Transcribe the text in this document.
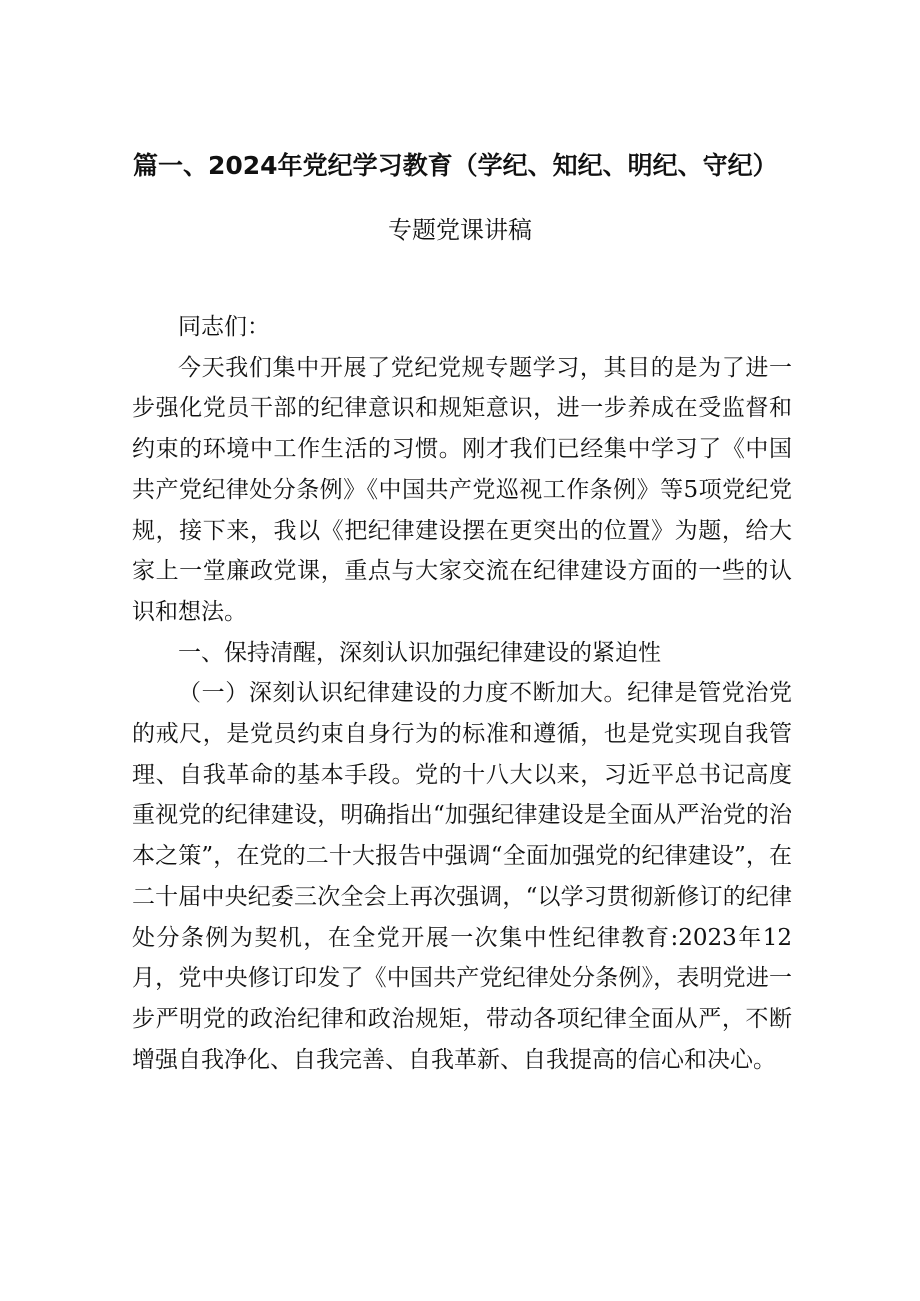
篇一、2024年党纪学习教育（学纪、知纪、明纪、守纪）
专题党课讲稿

同志们：

今天我们集中开展了党纪党规专题学习，其目的是为了进一步强化党员干部的纪律意识和规矩意识，进一步养成在受监督和约束的环境中工作生活的习惯。刚才我们已经集中学习了《中国共产党纪律处分条例》《中国共产党巡视工作条例》等5项党纪党规，接下来，我以《把纪律建设摆在更突出的位置》为题，给大家上一堂廉政党课，重点与大家交流在纪律建设方面的一些的认识和想法。

一、保持清醒，深刻认识加强纪律建设的紧迫性

（一）深刻认识纪律建设的力度不断加大。纪律是管党治党的戒尺，是党员约束自身行为的标准和遵循，也是党实现自我管理、自我革命的基本手段。党的十八大以来，习近平总书记高度重视党的纪律建设，明确指出“加强纪律建设是全面从严治党的治本之策”，在党的二十大报告中强调“全面加强党的纪律建设”，在二十届中央纪委三次全会上再次强调，“以学习贯彻新修订的纪律处分条例为契机，在全党开展一次集中性纪律教育:2023年12月，党中央修订印发了《中国共产党纪律处分条例》，表明党进一步严明党的政治纪律和政治规矩，带动各项纪律全面从严，不断增强自我净化、自我完善、自我革新、自我提高的信心和决心。
